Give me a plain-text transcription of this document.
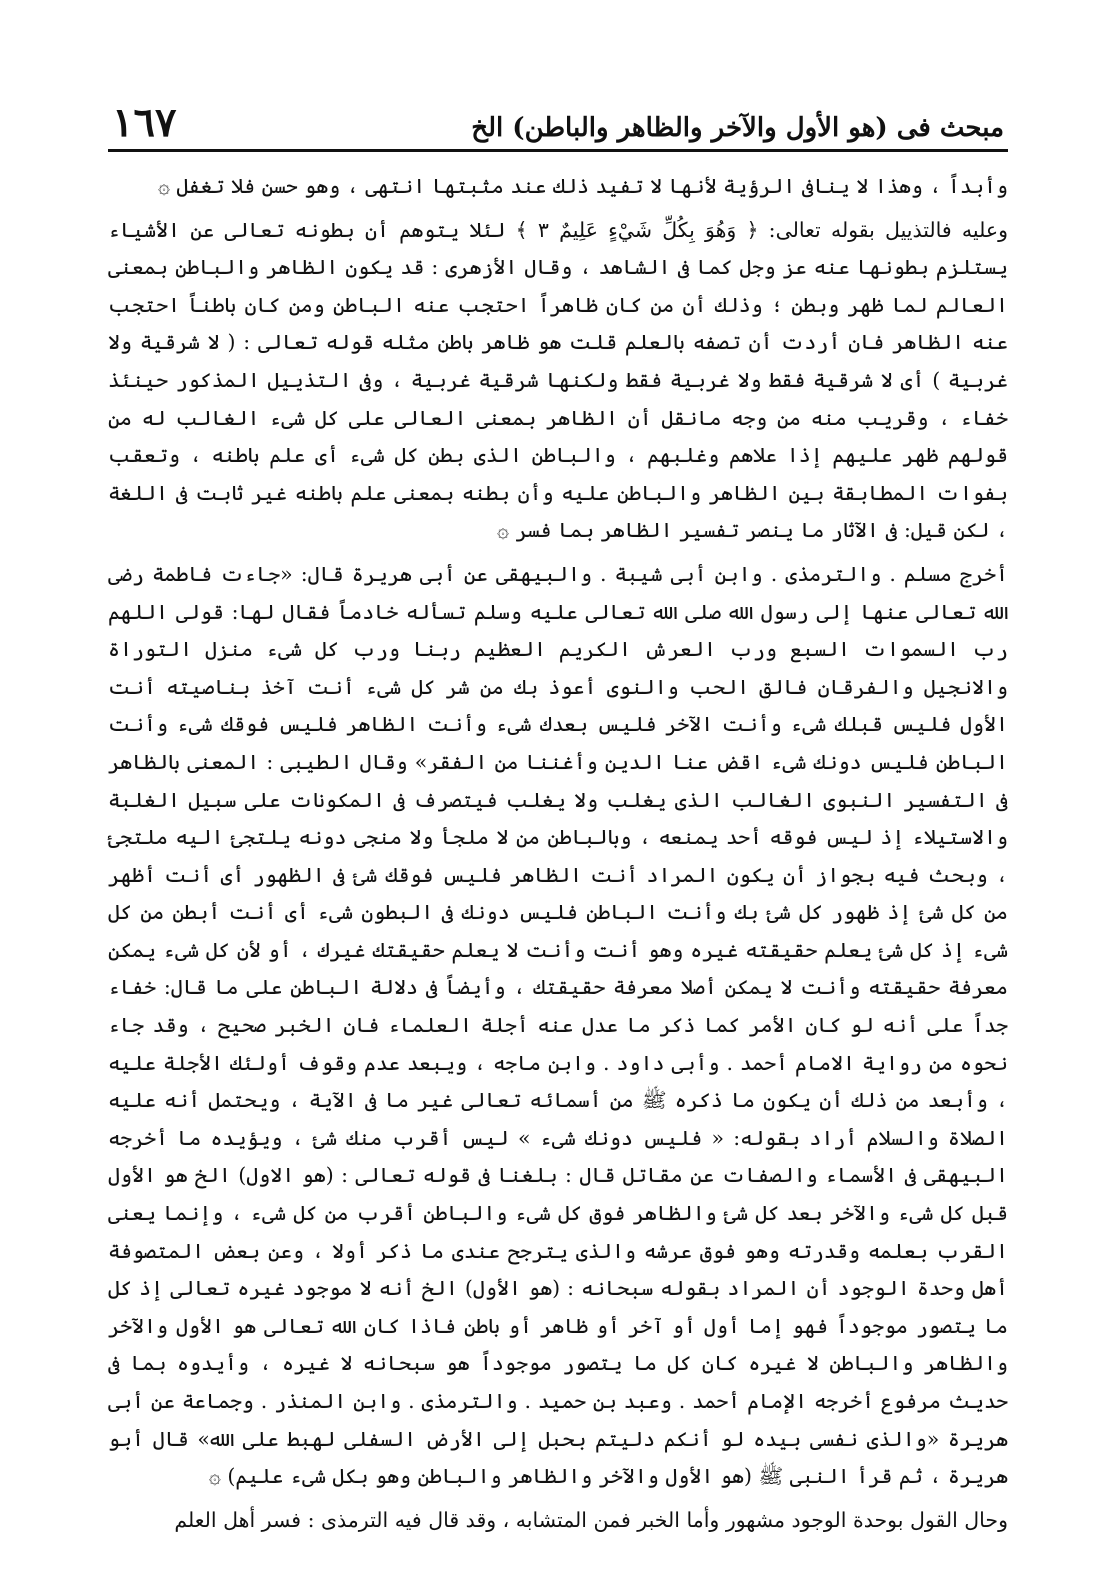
مبحث فى (هو الأول والآخر والظاهر والباطن) الخ
١٦٧

وأبداً ، وهذا لا ينافى الرؤية لأنها لا تفيد ذلك عند مثبتها انتهى ، وهو حسن فلا تغفل ۞

وعليه فالتذييل بقوله تعالى: ﴿ وَهُوَ بِكُلِّ شَيْءٍ عَلِيمٌ ٣ ﴾ لئلا يتوهم أن بطونه تعالى عن الأشياء يستلزم بطونها عنه عز وجل كما فى الشاهد ، وقال الأزهرى : قد يكون الظاهر والباطن بمعنى العالم لما ظهر وبطن ؛ وذلك أن من كان ظاهراً احتجب عنه الباطن ومن كان باطناً احتجب عنه الظاهر فان أردت أن تصفه بالعلم قلت هو ظاهر باطن مثله قوله تعالى : ( لا شرقية ولا غربية ) أى لا شرقية فقط ولا غربية فقط ولكنها شرقية غربية ، وفى التذييل المذكور حينئذ خفاء ، وقريب منه من وجه مانقل أن الظاهر بمعنى العالى على كل شىء الغالب له من قولهم ظهر عليهم إذا علاهم وغلبهم ، والباطن الذى بطن كل شىء أى علم باطنه ، وتعقب بفوات المطابقة بين الظاهر والباطن عليه وأن بطنه بمعنى علم باطنه غير ثابت فى اللغة ، لكن قيل: فى الآثار ما ينصر تفسير الظاهر بما فسر ۞

أخرج مسلم . والترمذى . وابن أبى شيبة . والبيهقى عن أبى هريرة قال: «جاءت فاطمة رضى الله تعالى عنها إلى رسول الله صلى الله تعالى عليه وسلم تسأله خادماً فقال لها: قولى اللهم رب السموات السبع ورب العرش الكريم العظيم ربنا ورب كل شىء منزل التوراة والانجيل والفرقان فالق الحب والنوى أعوذ بك من شر كل شىء أنت آخذ بناصيته أنت الأول فليس قبلك شىء وأنت الآخر فليس بعدك شىء وأنت الظاهر فليس فوقك شىء وأنت الباطن فليس دونك شىء اقض عنا الدين وأغننا من الفقر» وقال الطيبى : المعنى بالظاهر فى التفسير النبوى الغالب الذى يغلب ولا يغلب فيتصرف فى المكونات على سبيل الغلبة والاستيلاء إذ ليس فوقه أحد يمنعه ، وبالباطن من لا ملجأ ولا منجى دونه يلتجئ اليه ملتجئ ، وبحث فيه بجواز أن يكون المراد أنت الظاهر فليس فوقك شئ فى الظهور أى أنت أظهر من كل شئ إذ ظهور كل شئ بك وأنت الباطن فليس دونك فى البطون شىء أى أنت أبطن من كل شىء إذ كل شئ يعلم حقيقته غيره وهو أنت وأنت لا يعلم حقيقتك غيرك ، أو لأن كل شىء يمكن معرفة حقيقته وأنت لا يمكن أصلا معرفة حقيقتك ، وأيضاً فى دلالة الباطن على ما قال: خفاء جداً على أنه لو كان الأمر كما ذكر ما عدل عنه أجلة العلماء فان الخبر صحيح ، وقد جاء نحوه من رواية الامام أحمد . وأبى داود . وابن ماجه ، ويبعد عدم وقوف أولئك الأجلة عليه ، وأبعد من ذلك أن يكون ما ذكره ﷺ من أسمائه تعالى غير ما فى الآية ، ويحتمل أنه عليه الصلاة والسلام أراد بقوله: « فليس دونك شىء » ليس أقرب منك شئ ، ويؤيده ما أخرجه البيهقى فى الأسماء والصفات عن مقاتل قال : بلغنا فى قوله تعالى : (هو الاول) الخ هو الأول قبل كل شىء والآخر بعد كل شئ والظاهر فوق كل شىء والباطن أقرب من كل شىء ، وإنما يعنى القرب بعلمه وقدرته وهو فوق عرشه والذى يترجح عندى ما ذكر أولا ، وعن بعض المتصوفة أهل وحدة الوجود أن المراد بقوله سبحانه : (هو الأول) الخ أنه لا موجود غيره تعالى إذ كل ما يتصور موجوداً فهو إما أول أو آخر أو ظاهر أو باطن فاذا كان الله تعالى هو الأول والآخر والظاهر والباطن لا غيره كان كل ما يتصور موجوداً هو سبحانه لا غيره ، وأيدوه بما فى حديث مرفوع أخرجه الإمام أحمد . وعبد بن حميد . والترمذى . وابن المنذر . وجماعة عن أبى هريرة «والذى نفسى بيده لو أنكم دليتم بحبل إلى الأرض السفلى لهبط على الله» قال أبو هريرة ، ثم قرأ النبى ﷺ (هو الأول والآخر والظاهر والباطن وهو بكل شىء عليم) ۞

وحال القول بوحدة الوجود مشهور وأما الخبر فمن المتشابه ، وقد قال فيه الترمذى : فسر أهل العلم
